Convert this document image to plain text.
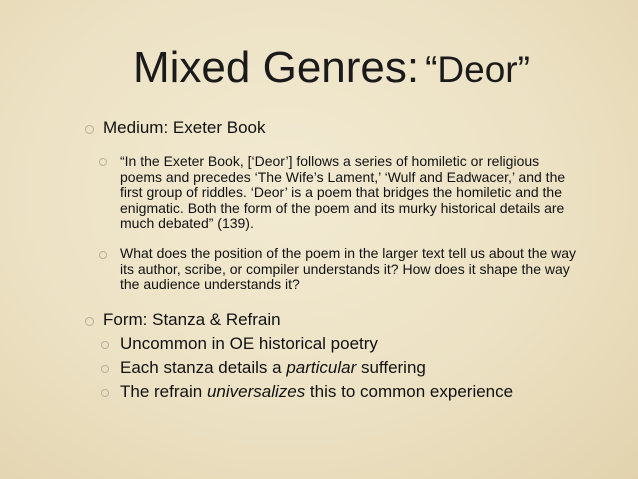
Mixed Genres: “Deor”
Medium: Exeter Book
“In the Exeter Book, [‘Deor’] follows a series of homiletic or religious poems and precedes ‘The Wife’s Lament,’ ‘Wulf and Eadwacer,’ and the first group of riddles. ‘Deor’ is a poem that bridges the homiletic and the enigmatic. Both the form of the poem and its murky historical details are much debated” (139).
What does the position of the poem in the larger text tell us about the way its author, scribe, or compiler understands it? How does it shape the way the audience understands it?
Form: Stanza & Refrain
Uncommon in OE historical poetry
Each stanza details a particular suffering
The refrain universalizes this to common experience
